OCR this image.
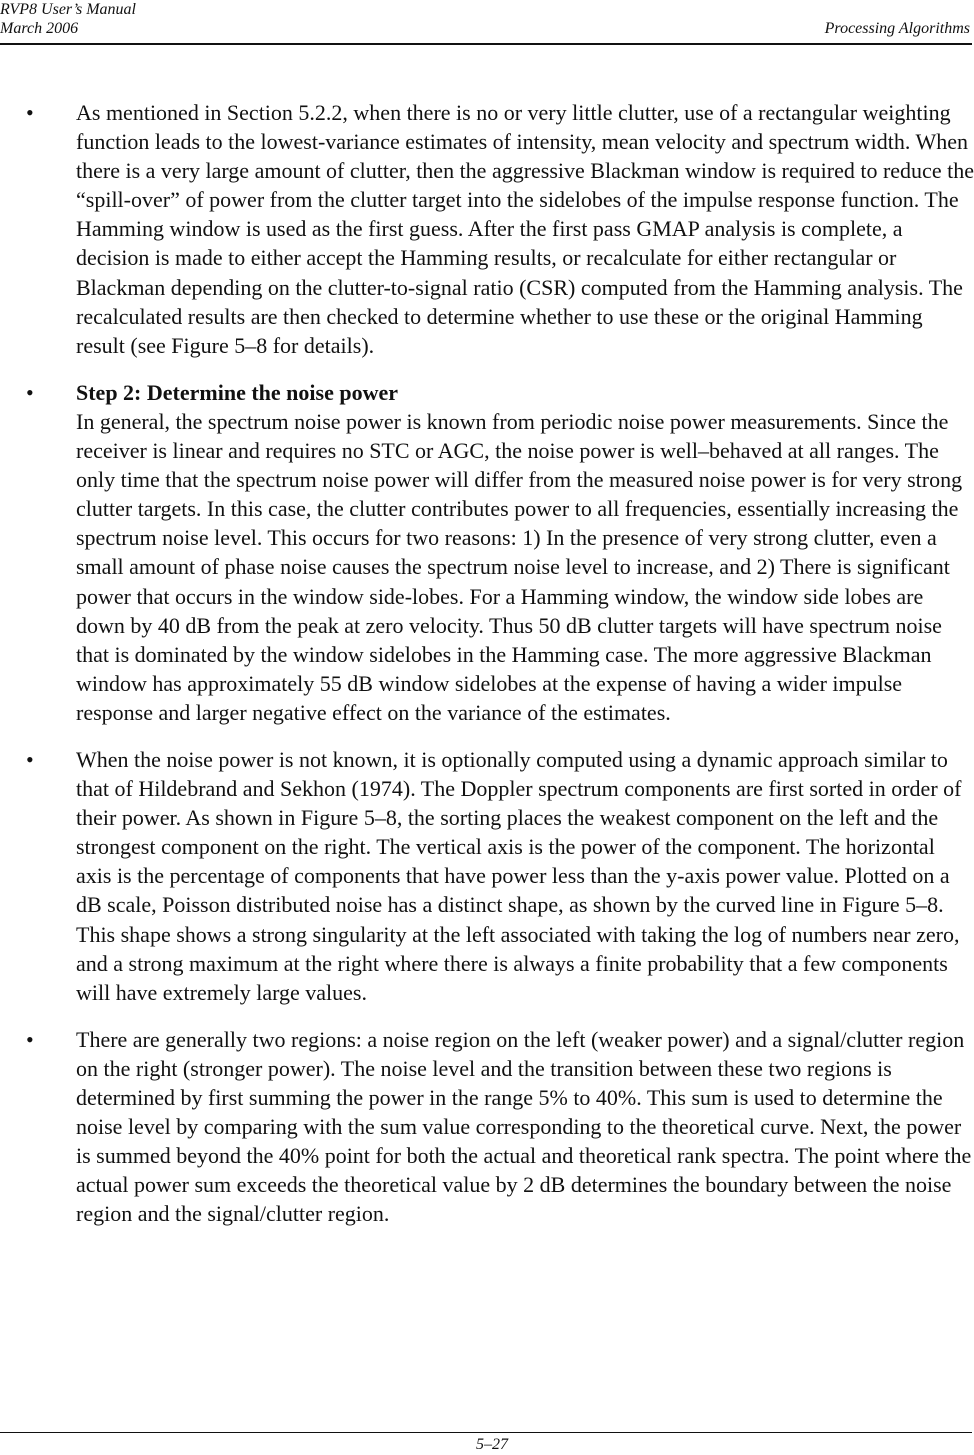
RVP8 User’s Manual
March 2006	Processing Algorithms
• As mentioned in Section 5.2.2, when there is no or very little clutter, use of a rectangular weighting function leads to the lowest-variance estimates of intensity, mean velocity and spectrum width. When there is a very large amount of clutter, then the aggressive Blackman window is required to reduce the “spill-over” of power from the clutter target into the sidelobes of the impulse response function. The Hamming window is used as the first guess. After the first pass GMAP analysis is complete, a decision is made to either accept the Hamming results, or recalculate for either rectangular or Blackman depending on the clutter-to-signal ratio (CSR) computed from the Hamming analysis. The recalculated results are then checked to determine whether to use these or the original Hamming result (see Figure 5–8 for details).

• Step 2: Determine the noise power
In general, the spectrum noise power is known from periodic noise power measurements. Since the receiver is linear and requires no STC or AGC, the noise power is well–behaved at all ranges. The only time that the spectrum noise power will differ from the measured noise power is for very strong clutter targets. In this case, the clutter contributes power to all frequencies, essentially increasing the spectrum noise level. This occurs for two reasons: 1) In the presence of very strong clutter, even a small amount of phase noise causes the spectrum noise level to increase, and 2) There is significant power that occurs in the window side-lobes. For a Hamming window, the window side lobes are down by 40 dB from the peak at zero velocity. Thus 50 dB clutter targets will have spectrum noise that is dominated by the window sidelobes in the Hamming case. The more aggressive Blackman window has approximately 55 dB window sidelobes at the expense of having a wider impulse response and larger negative effect on the variance of the estimates.

• When the noise power is not known, it is optionally computed using a dynamic approach similar to that of Hildebrand and Sekhon (1974). The Doppler spectrum components are first sorted in order of their power. As shown in Figure 5–8, the sorting places the weakest component on the left and the strongest component on the right. The vertical axis is the power of the component. The horizontal axis is the percentage of components that have power less than the y-axis power value. Plotted on a dB scale, Poisson distributed noise has a distinct shape, as shown by the curved line in Figure 5–8. This shape shows a strong singularity at the left associated with taking the log of numbers near zero, and a strong maximum at the right where there is always a finite probability that a few components will have extremely large values.

• There are generally two regions: a noise region on the left (weaker power) and a signal/clutter region on the right (stronger power). The noise level and the transition between these two regions is determined by first summing the power in the range 5% to 40%. This sum is used to determine the noise level by comparing with the sum value corresponding to the theoretical curve. Next, the power is summed beyond the 40% point for both the actual and theoretical rank spectra. The point where the actual power sum exceeds the theoretical value by 2 dB determines the boundary between the noise region and the signal/clutter region.

5–27
